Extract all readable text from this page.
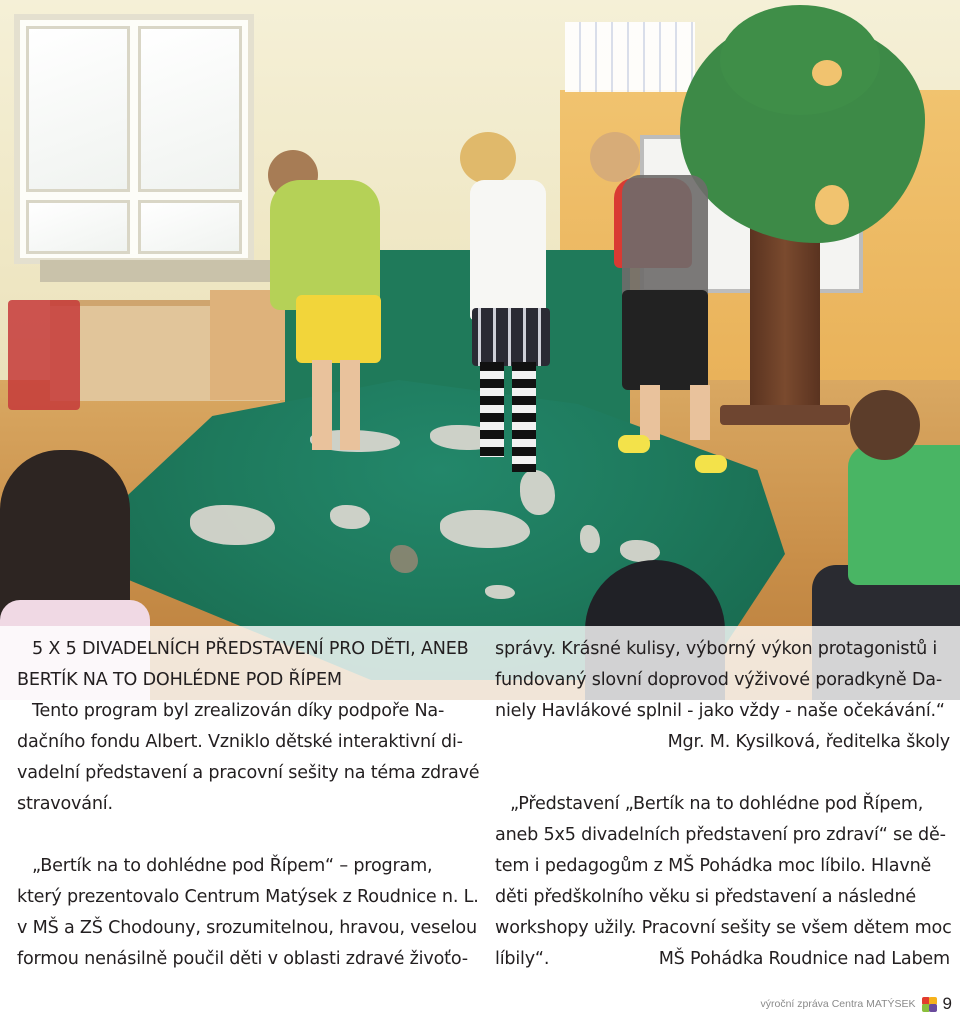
5 X 5 DIVADELNÍCH PŘEDSTAVENÍ PRO DĚTI, ANEB

BERTÍK NA TO DOHLÉDNE POD ŘÍPEM

Tento program byl zrealizován díky podpoře Na-

dačního fondu Albert. Vzniklo dětské interaktivní di-

vadelní představení a pracovní sešity na téma zdravé

stravování.

„Bertík na to dohlédne pod Řípem“ – program,

který prezentovalo Centrum Matýsek z Roudnice n. L.

v MŠ a ZŠ Chodouny, srozumitelnou, hravou, veselou

formou nenásilně poučil děti v oblasti zdravé živoťo-

správy. Krásné kulisy, výborný výkon protagonistů i

fundovaný slovní doprovod výživové poradkyně Da-

niely Havlákové splnil - jako vždy - naše očekávání.“

Mgr. M. Kysilková, ředitelka školy

„Představení „Bertík na to dohlédne pod Řípem,

aneb 5x5 divadelních představení pro zdraví“ se dě-

tem i pedagogům z MŠ Pohádka moc líbilo. Hlavně

děti předškolního věku si představení a následné

workshopy užily. Pracovní sešity se všem dětem moc

líbily“.	MŠ Pohádka Roudnice nad Labem

výroční zpráva Centra MATÝSEK 9
